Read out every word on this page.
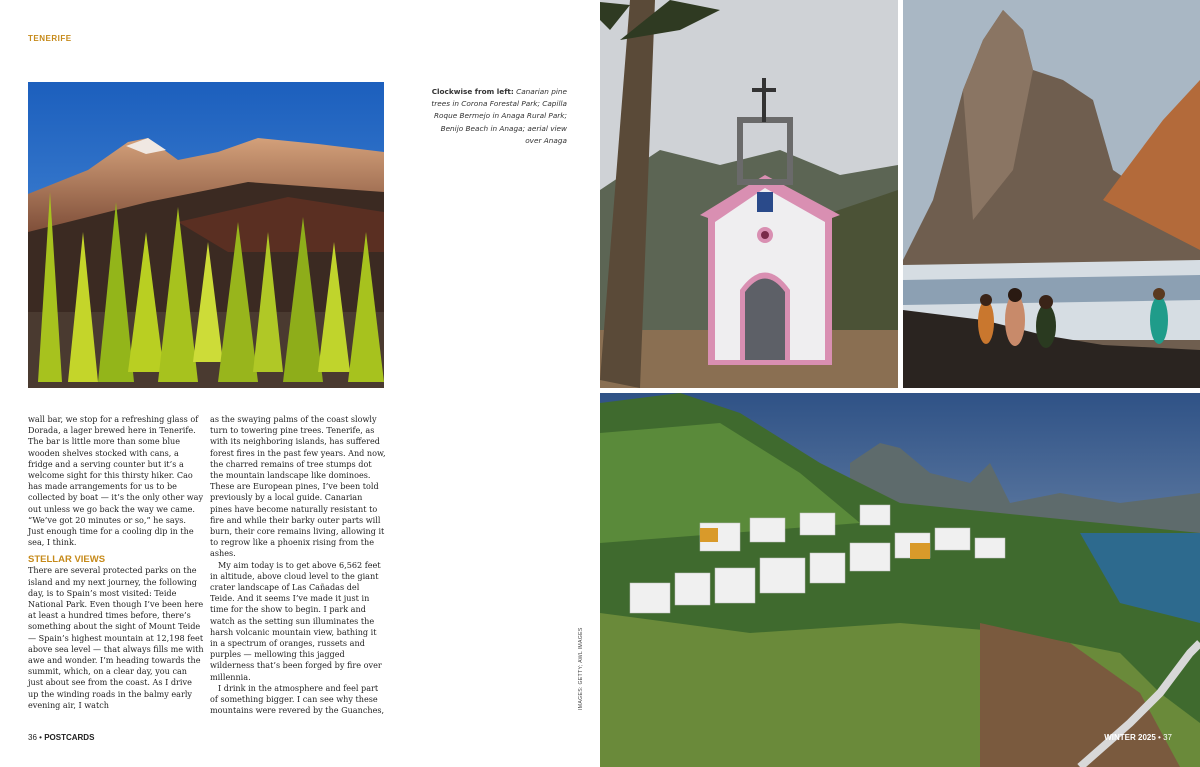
TENERIFE
Clockwise from left: Canarian pine trees in Corona Forestal Park; Capilla Roque Bermejo in Anaga Rural Park; Benijo Beach in Anaga; aerial view over Anaga

wall bar, we stop for a refreshing glass of Dorada, a lager brewed here in Tenerife. The bar is little more than some blue wooden shelves stocked with cans, a fridge and a serving counter but it’s a welcome sight for this thirsty hiker. Cao has made arrangements for us to be collected by boat — it’s the only other way out unless we go back the way we came. “We’ve got 20 minutes or so,” he says. Just enough time for a cooling dip in the sea, I think.

STELLAR VIEWS

There are several protected parks on the island and my next journey, the following day, is to Spain’s most visited: Teide National Park. Even though I’ve been here at least a hundred times before, there’s something about the sight of Mount Teide — Spain’s highest mountain at 12,198 feet above sea level — that always fills me with awe and wonder. I’m heading towards the summit, which, on a clear day, you can just about see from the coast. As I drive up the winding roads in the balmy early evening air, I watch

as the swaying palms of the coast slowly turn to towering pine trees. Tenerife, as with its neighboring islands, has suffered forest fires in the past few years. And now, the charred remains of tree stumps dot the mountain landscape like dominoes. These are European pines, I’ve been told previously by a local guide. Canarian pines have become naturally resistant to fire and while their barky outer parts will burn, their core remains living, allowing it to regrow like a phoenix rising from the ashes.

My aim today is to get above 6,562 feet in altitude, above cloud level to the giant crater landscape of Las Cañadas del Teide. And it seems I’ve made it just in time for the show to begin. I park and watch as the setting sun illuminates the harsh volcanic mountain view, bathing it in a spectrum of oranges, russets and purples — mellowing this jagged wilderness that’s been forged by fire over millennia.

I drink in the atmosphere and feel part of something bigger. I can see why these mountains were revered by the Guanches,

36 • POSTCARDS
IMAGES: GETTY; AWL IMAGES
WINTER 2025 • 37
